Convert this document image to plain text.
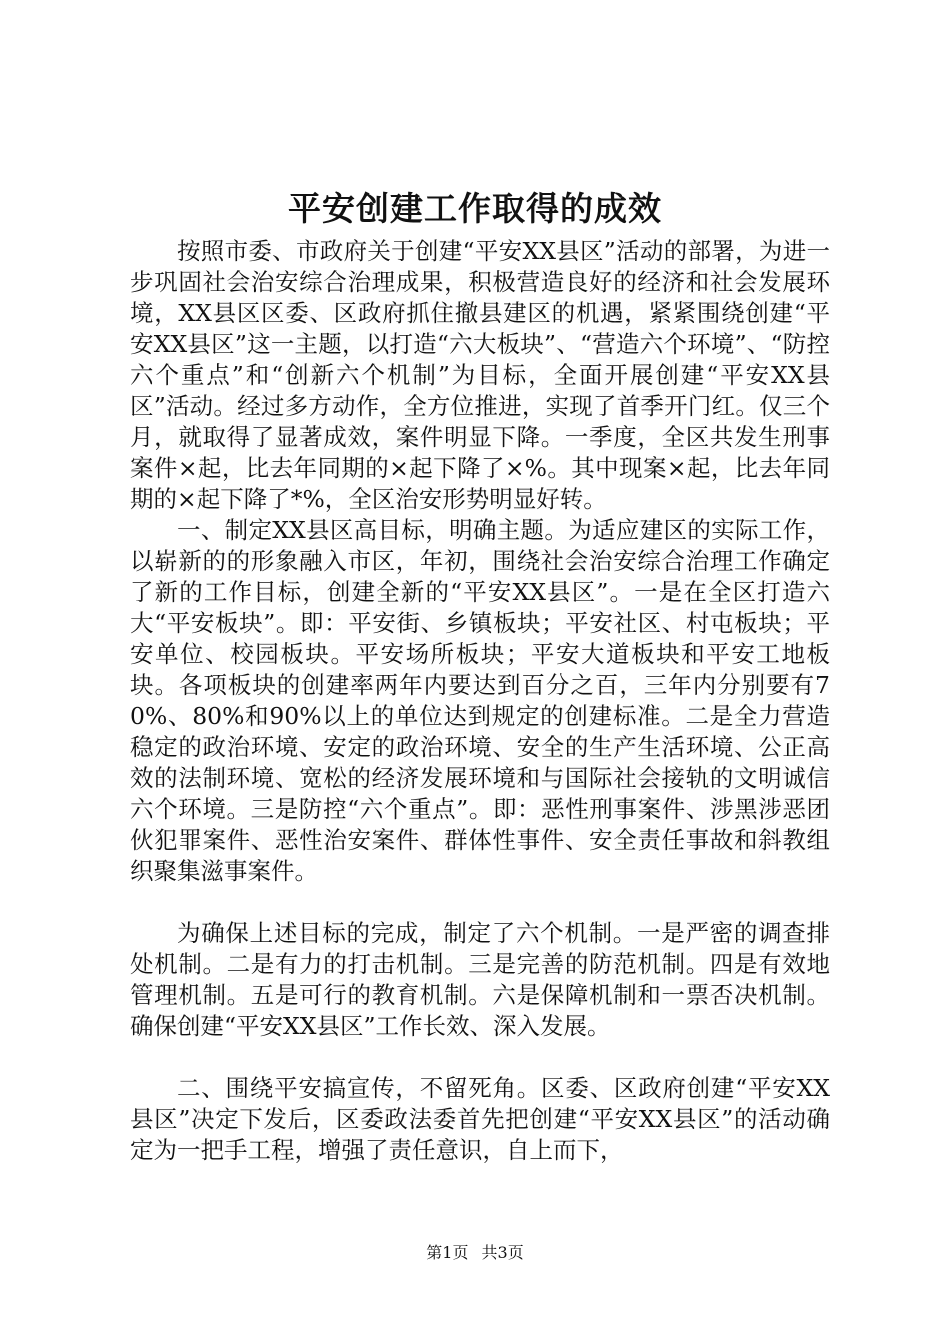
平安创建工作取得的成效

按照市委、市政府关于创建“平安XX县区”活动的部署，为进一步巩固社会治安综合治理成果，积极营造良好的经济和社会发展环境，XX县区区委、区政府抓住撤县建区的机遇，紧紧围绕创建“平安XX县区”这一主题，以打造“六大板块”、“营造六个环境”、“防控六个重点”和“创新六个机制”为目标，全面开展创建“平安XX县区”活动。经过多方动作，全方位推进，实现了首季开门红。仅三个月，就取得了显著成效，案件明显下降。一季度，全区共发生刑事案件×起，比去年同期的×起下降了×%。其中现案×起，比去年同期的×起下降了*%，全区治安形势明显好转。

一、制定XX县区高目标，明确主题。为适应建区的实际工作，以崭新的的形象融入市区，年初，围绕社会治安综合治理工作确定了新的工作目标，创建全新的“平安XX县区”。一是在全区打造六大“平安板块”。即：平安街、乡镇板块；平安社区、村屯板块；平安单位、校园板块。平安场所板块；平安大道板块和平安工地板块。各项板块的创建率两年内要达到百分之百，三年内分别要有70%、80%和90%以上的单位达到规定的创建标准。二是全力营造稳定的政治环境、安定的政治环境、安全的生产生活环境、公正高效的法制环境、宽松的经济发展环境和与国际社会接轨的文明诚信六个环境。三是防控“六个重点”。即：恶性刑事案件、涉黑涉恶团伙犯罪案件、恶性治安案件、群体性事件、安全责任事故和斜教组织聚集滋事案件。

为确保上述目标的完成，制定了六个机制。一是严密的调查排处机制。二是有力的打击机制。三是完善的防范机制。四是有效地管理机制。五是可行的教育机制。六是保障机制和一票否决机制。确保创建“平安XX县区”工作长效、深入发展。

二、围绕平安搞宣传，不留死角。区委、区政府创建“平安XX县区”决定下发后，区委政法委首先把创建“平安XX县区”的活动确定为一把手工程，增强了责任意识，自上而下，

第1页 共3页
